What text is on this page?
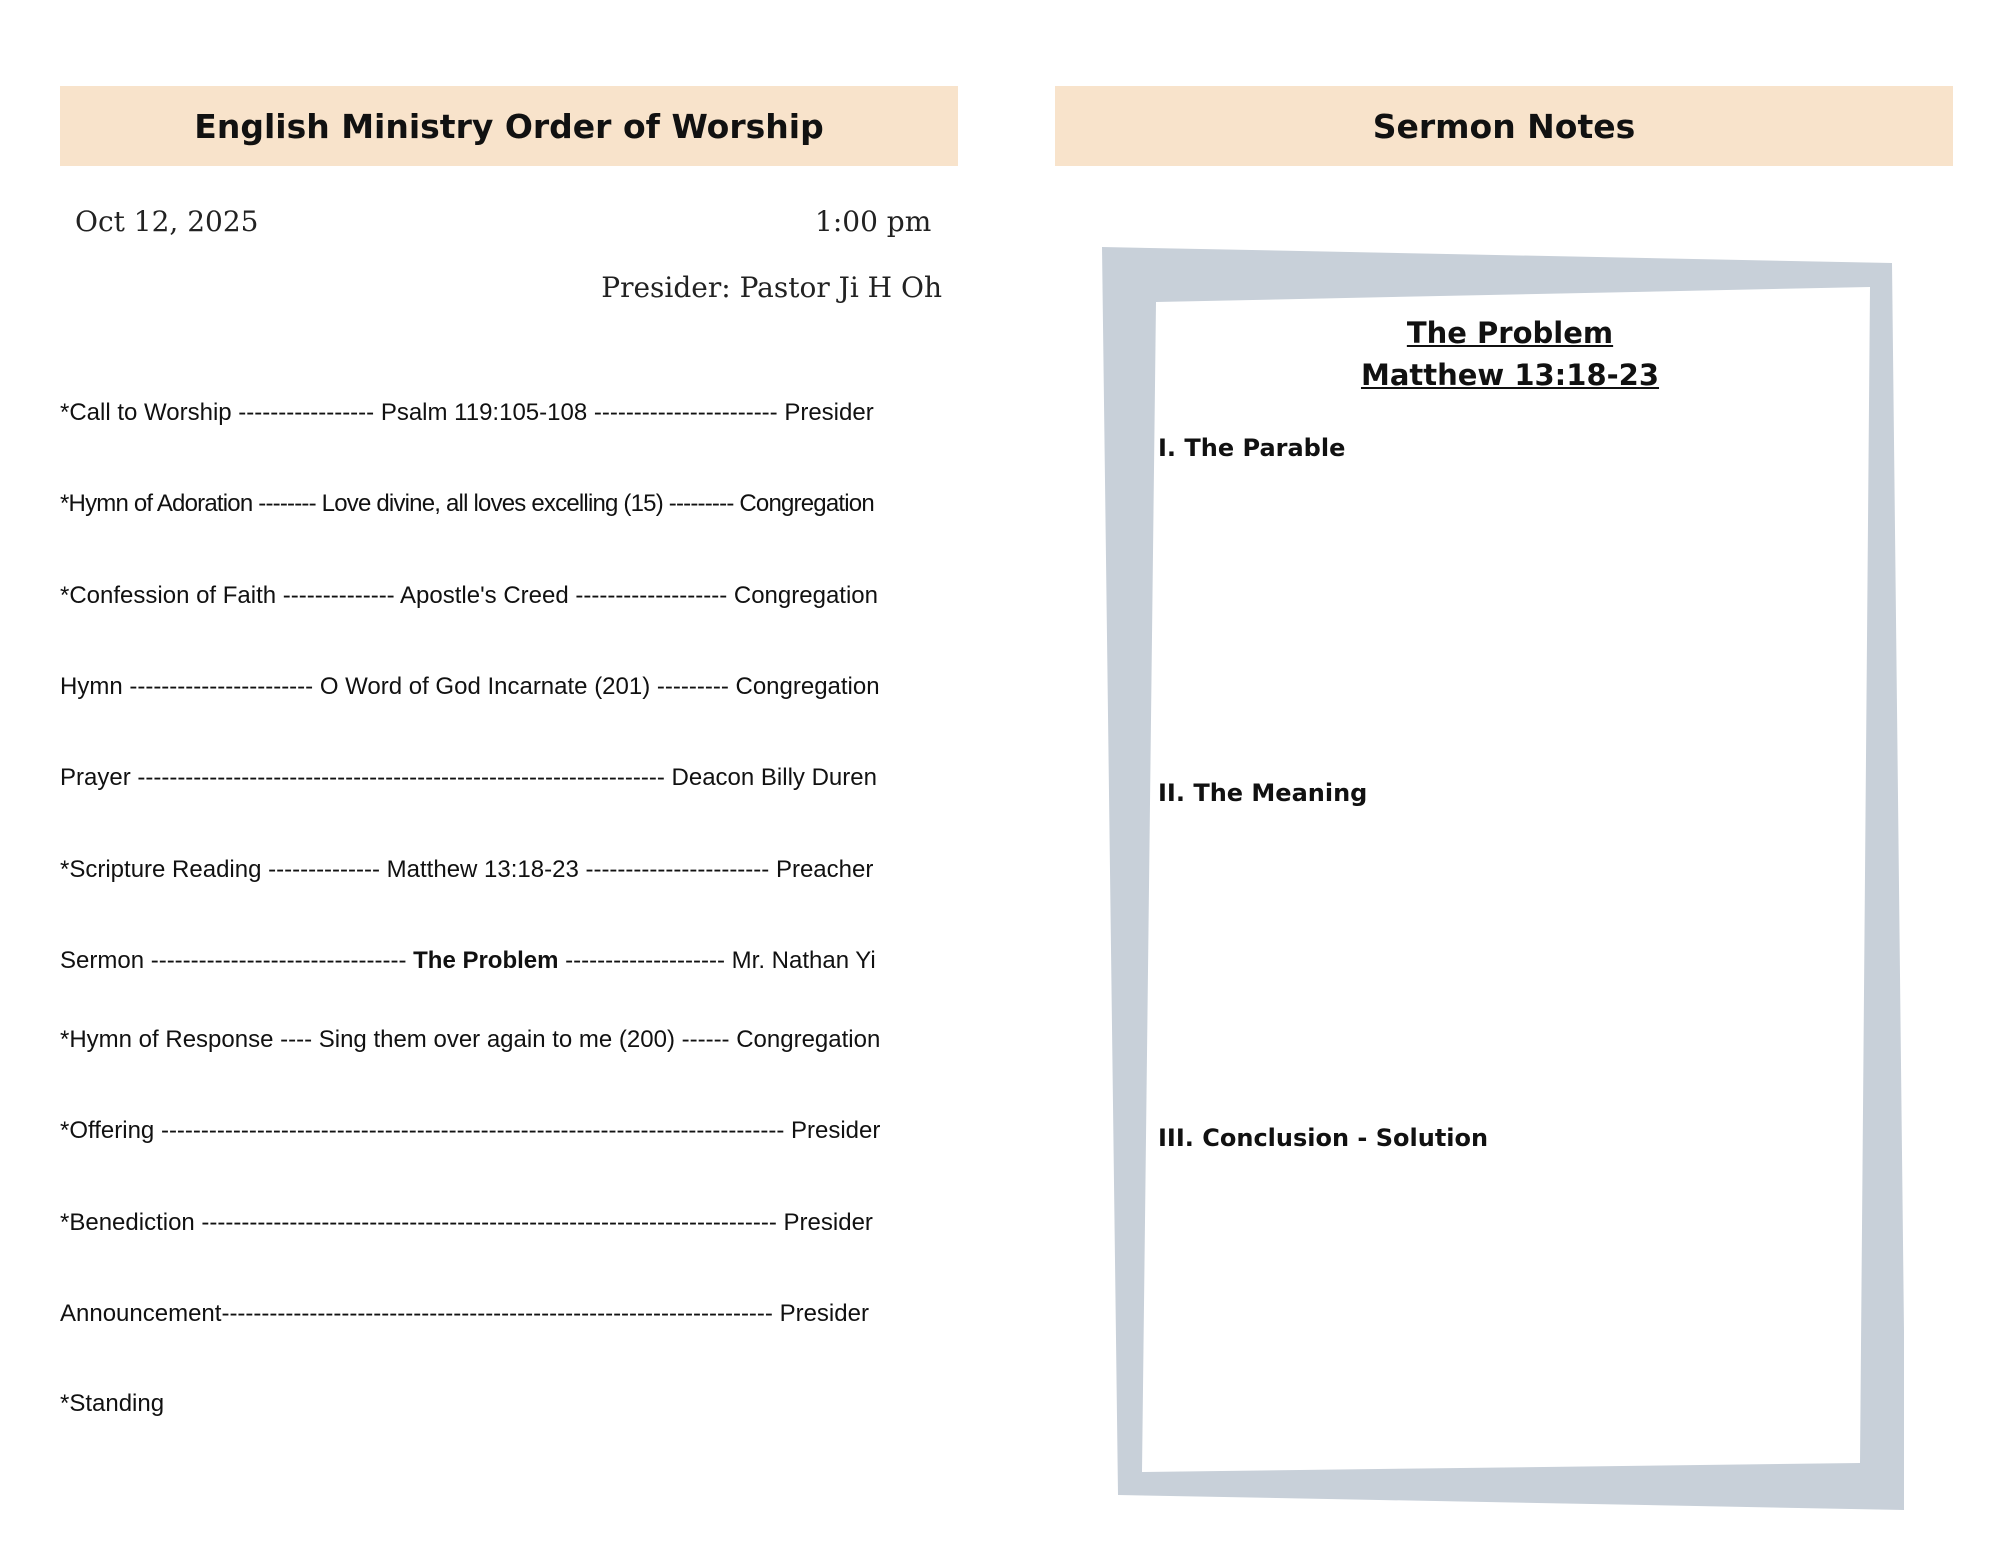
English Ministry Order of Worship
Oct 12, 2025	1:00 pm
Presider: Pastor Ji H Oh
*Call to Worship ----------------- Psalm 119:105-108 ----------------------- Presider
*Hymn of Adoration -------- Love divine, all loves excelling (15) --------- Congregation
*Confession of Faith -------------- Apostle's Creed ------------------- Congregation
Hymn ----------------------- O Word of God Incarnate (201) --------- Congregation
Prayer ------------------------------------------------------------------ Deacon Billy Duren
*Scripture Reading -------------- Matthew 13:18-23 ----------------------- Preacher
Sermon -------------------------------- The Problem -------------------- Mr. Nathan Yi
*Hymn of Response ---- Sing them over again to me (200) ------ Congregation
*Offering ------------------------------------------------------------------------------ Presider
*Benediction ------------------------------------------------------------------------ Presider
Announcement--------------------------------------------------------------------- Presider
*Standing
Sermon Notes
The Problem
Matthew 13:18-23
I. The Parable
II. The Meaning
III. Conclusion - Solution
